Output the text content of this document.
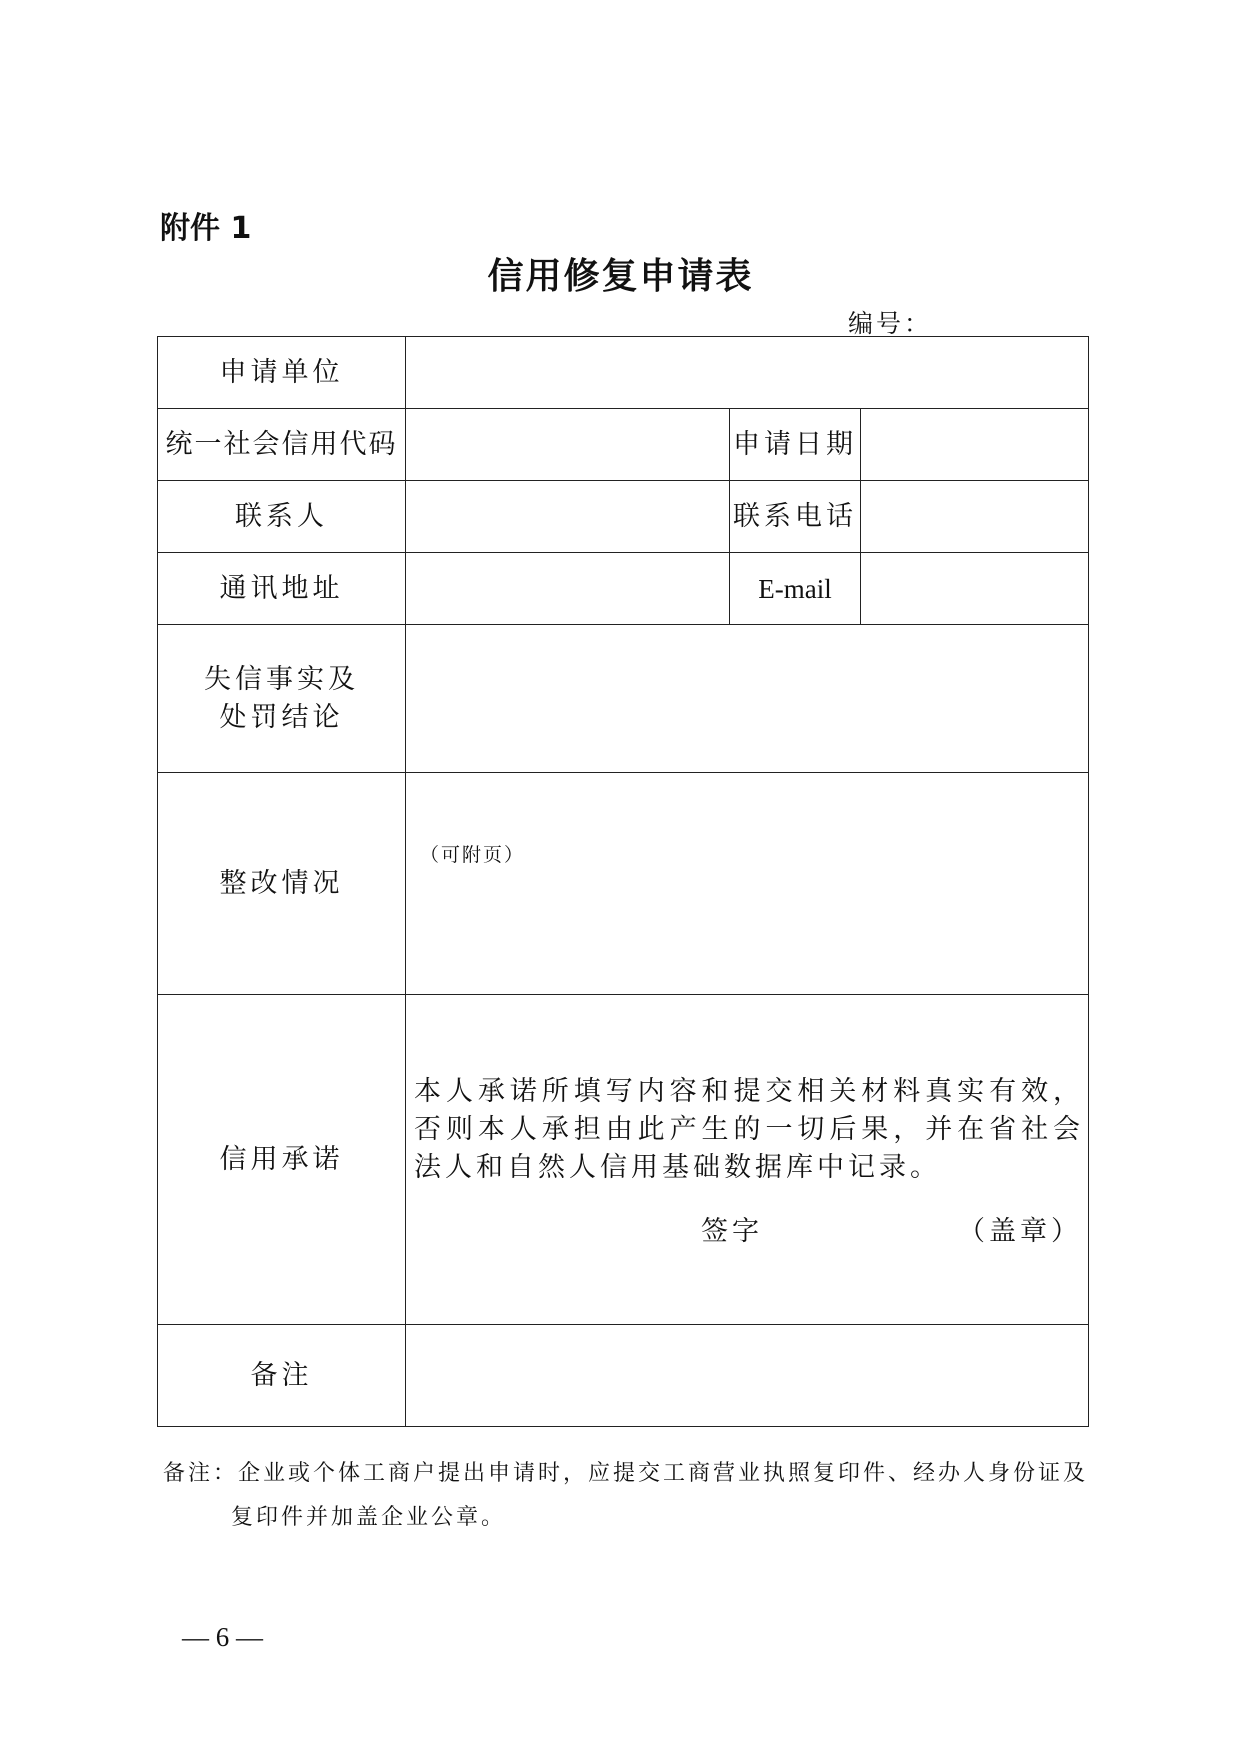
附件 1
信用修复申请表
编号：
申请单位			
统一社会信用代码		申请日期	
联系人		联系电话	
通讯地址		E-mail	

失信事实及
处罚结论			

整改情况	（可附页）		

信用承诺	本人承诺所填写内容和提交相关材料真实有效，否则本人承担由此产生的一切后果，并在省社会法人和自然人信用基础数据库中记录。
签字 （盖章）		

备注			
备注：企业或个体工商户提出申请时，应提交工商营业执照复印件、经办人身份证及
复印件并加盖企业公章。
— 6 —
